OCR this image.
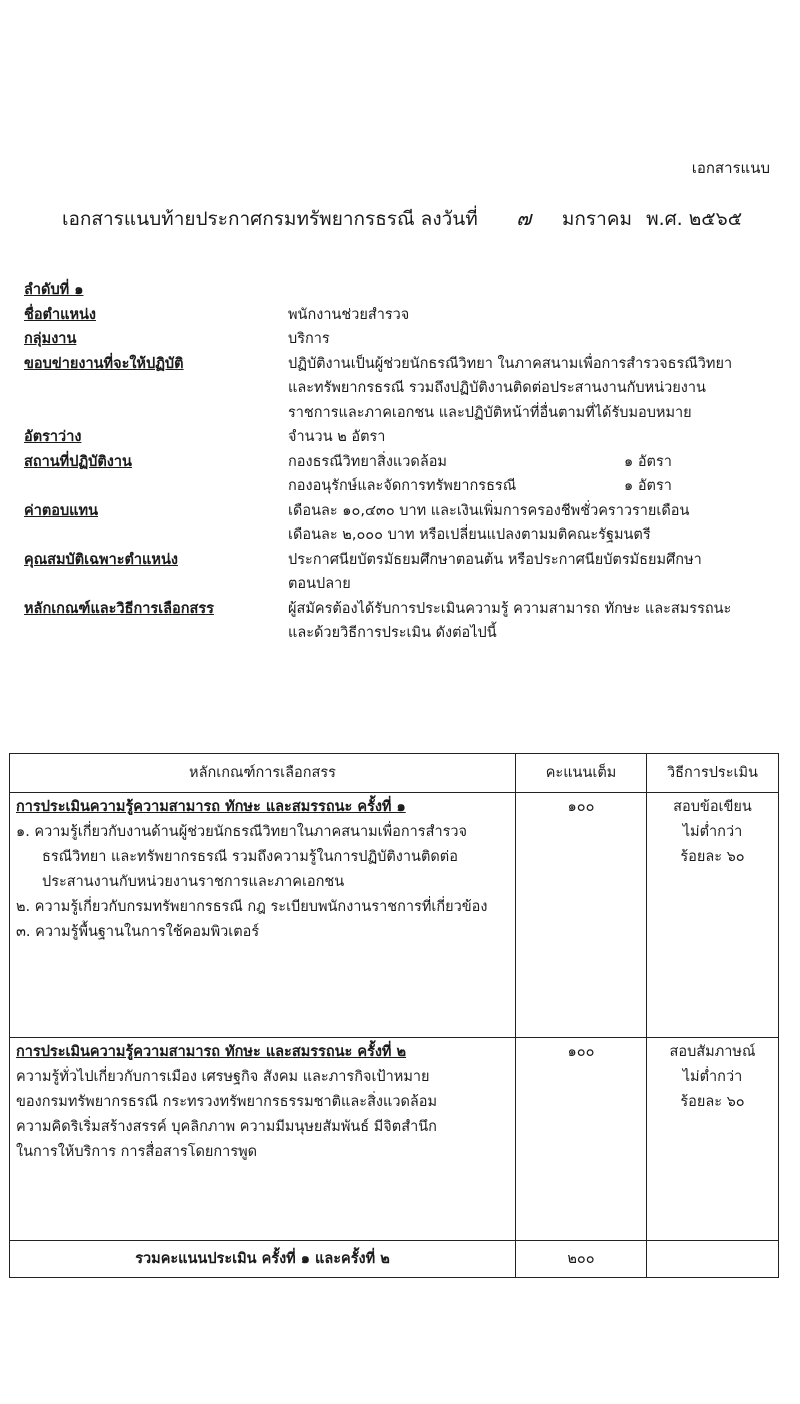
เอกสารแนบ
เอกสารแนบท้ายประกาศกรมทรัพยากรธรณี ลงวันที่ ๗ มกราคม พ.ศ. ๒๕๖๕
ลำดับที่ ๑
ชื่อตำแหน่ง	พนักงานช่วยสำรวจ
กลุ่มงาน	บริการ
ขอบข่ายงานที่จะให้ปฏิบัติ	ปฏิบัติงานเป็นผู้ช่วยนักธรณีวิทยา ในภาคสนามเพื่อการสำรวจธรณีวิทยา
และทรัพยากรธรณี รวมถึงปฏิบัติงานติดต่อประสานงานกับหน่วยงาน
ราชการและภาคเอกชน และปฏิบัติหน้าที่อื่นตามที่ได้รับมอบหมาย
อัตราว่าง	จำนวน ๒ อัตรา
สถานที่ปฏิบัติงาน	กองธรณีวิทยาสิ่งแวดล้อม	๑ อัตรา
กองอนุรักษ์และจัดการทรัพยากรธรณี	๑ อัตรา
ค่าตอบแทน	เดือนละ ๑๐,๔๓๐ บาท และเงินเพิ่มการครองชีพชั่วคราวรายเดือน
เดือนละ ๒,๐๐๐ บาท หรือเปลี่ยนแปลงตามมติคณะรัฐมนตรี
คุณสมบัติเฉพาะตำแหน่ง	ประกาศนียบัตรมัธยมศึกษาตอนต้น หรือประกาศนียบัตรมัธยมศึกษา
ตอนปลาย
หลักเกณฑ์และวิธีการเลือกสรร	ผู้สมัครต้องได้รับการประเมินความรู้ ความสามารถ ทักษะ และสมรรถนะ
และด้วยวิธีการประเมิน ดังต่อไปนี้
หลักเกณฑ์การเลือกสรร	คะแนนเต็ม	วิธีการประเมิน

การประเมินความรู้ความสามารถ ทักษะ และสมรรถนะ ครั้งที่ ๑
๑. ความรู้เกี่ยวกับงานด้านผู้ช่วยนักธรณีวิทยาในภาคสนามเพื่อการสำรวจ
ธรณีวิทยา และทรัพยากรธรณี รวมถึงความรู้ในการปฏิบัติงานติดต่อ
ประสานงานกับหน่วยงานราชการและภาคเอกชน
๒. ความรู้เกี่ยวกับกรมทรัพยากรธรณี กฎ ระเบียบพนักงานราชการที่เกี่ยวข้อง
๓. ความรู้พื้นฐานในการใช้คอมพิวเตอร์
	๑๐๐	สอบข้อเขียน
ไม่ต่ำกว่า
ร้อยละ ๖๐

การประเมินความรู้ความสามารถ ทักษะ และสมรรถนะ ครั้งที่ ๒
ความรู้ทั่วไปเกี่ยวกับการเมือง เศรษฐกิจ สังคม และภารกิจเป้าหมาย
ของกรมทรัพยากรธรณี กระทรวงทรัพยากรธรรมชาติและสิ่งแวดล้อม
ความคิดริเริ่มสร้างสรรค์ บุคลิกภาพ ความมีมนุษยสัมพันธ์ มีจิตสำนึก
ในการให้บริการ การสื่อสารโดยการพูด
	๑๐๐	สอบสัมภาษณ์
ไม่ต่ำกว่า
ร้อยละ ๖๐

รวมคะแนนประเมิน ครั้งที่ ๑ และครั้งที่ ๒	๒๐๐	
